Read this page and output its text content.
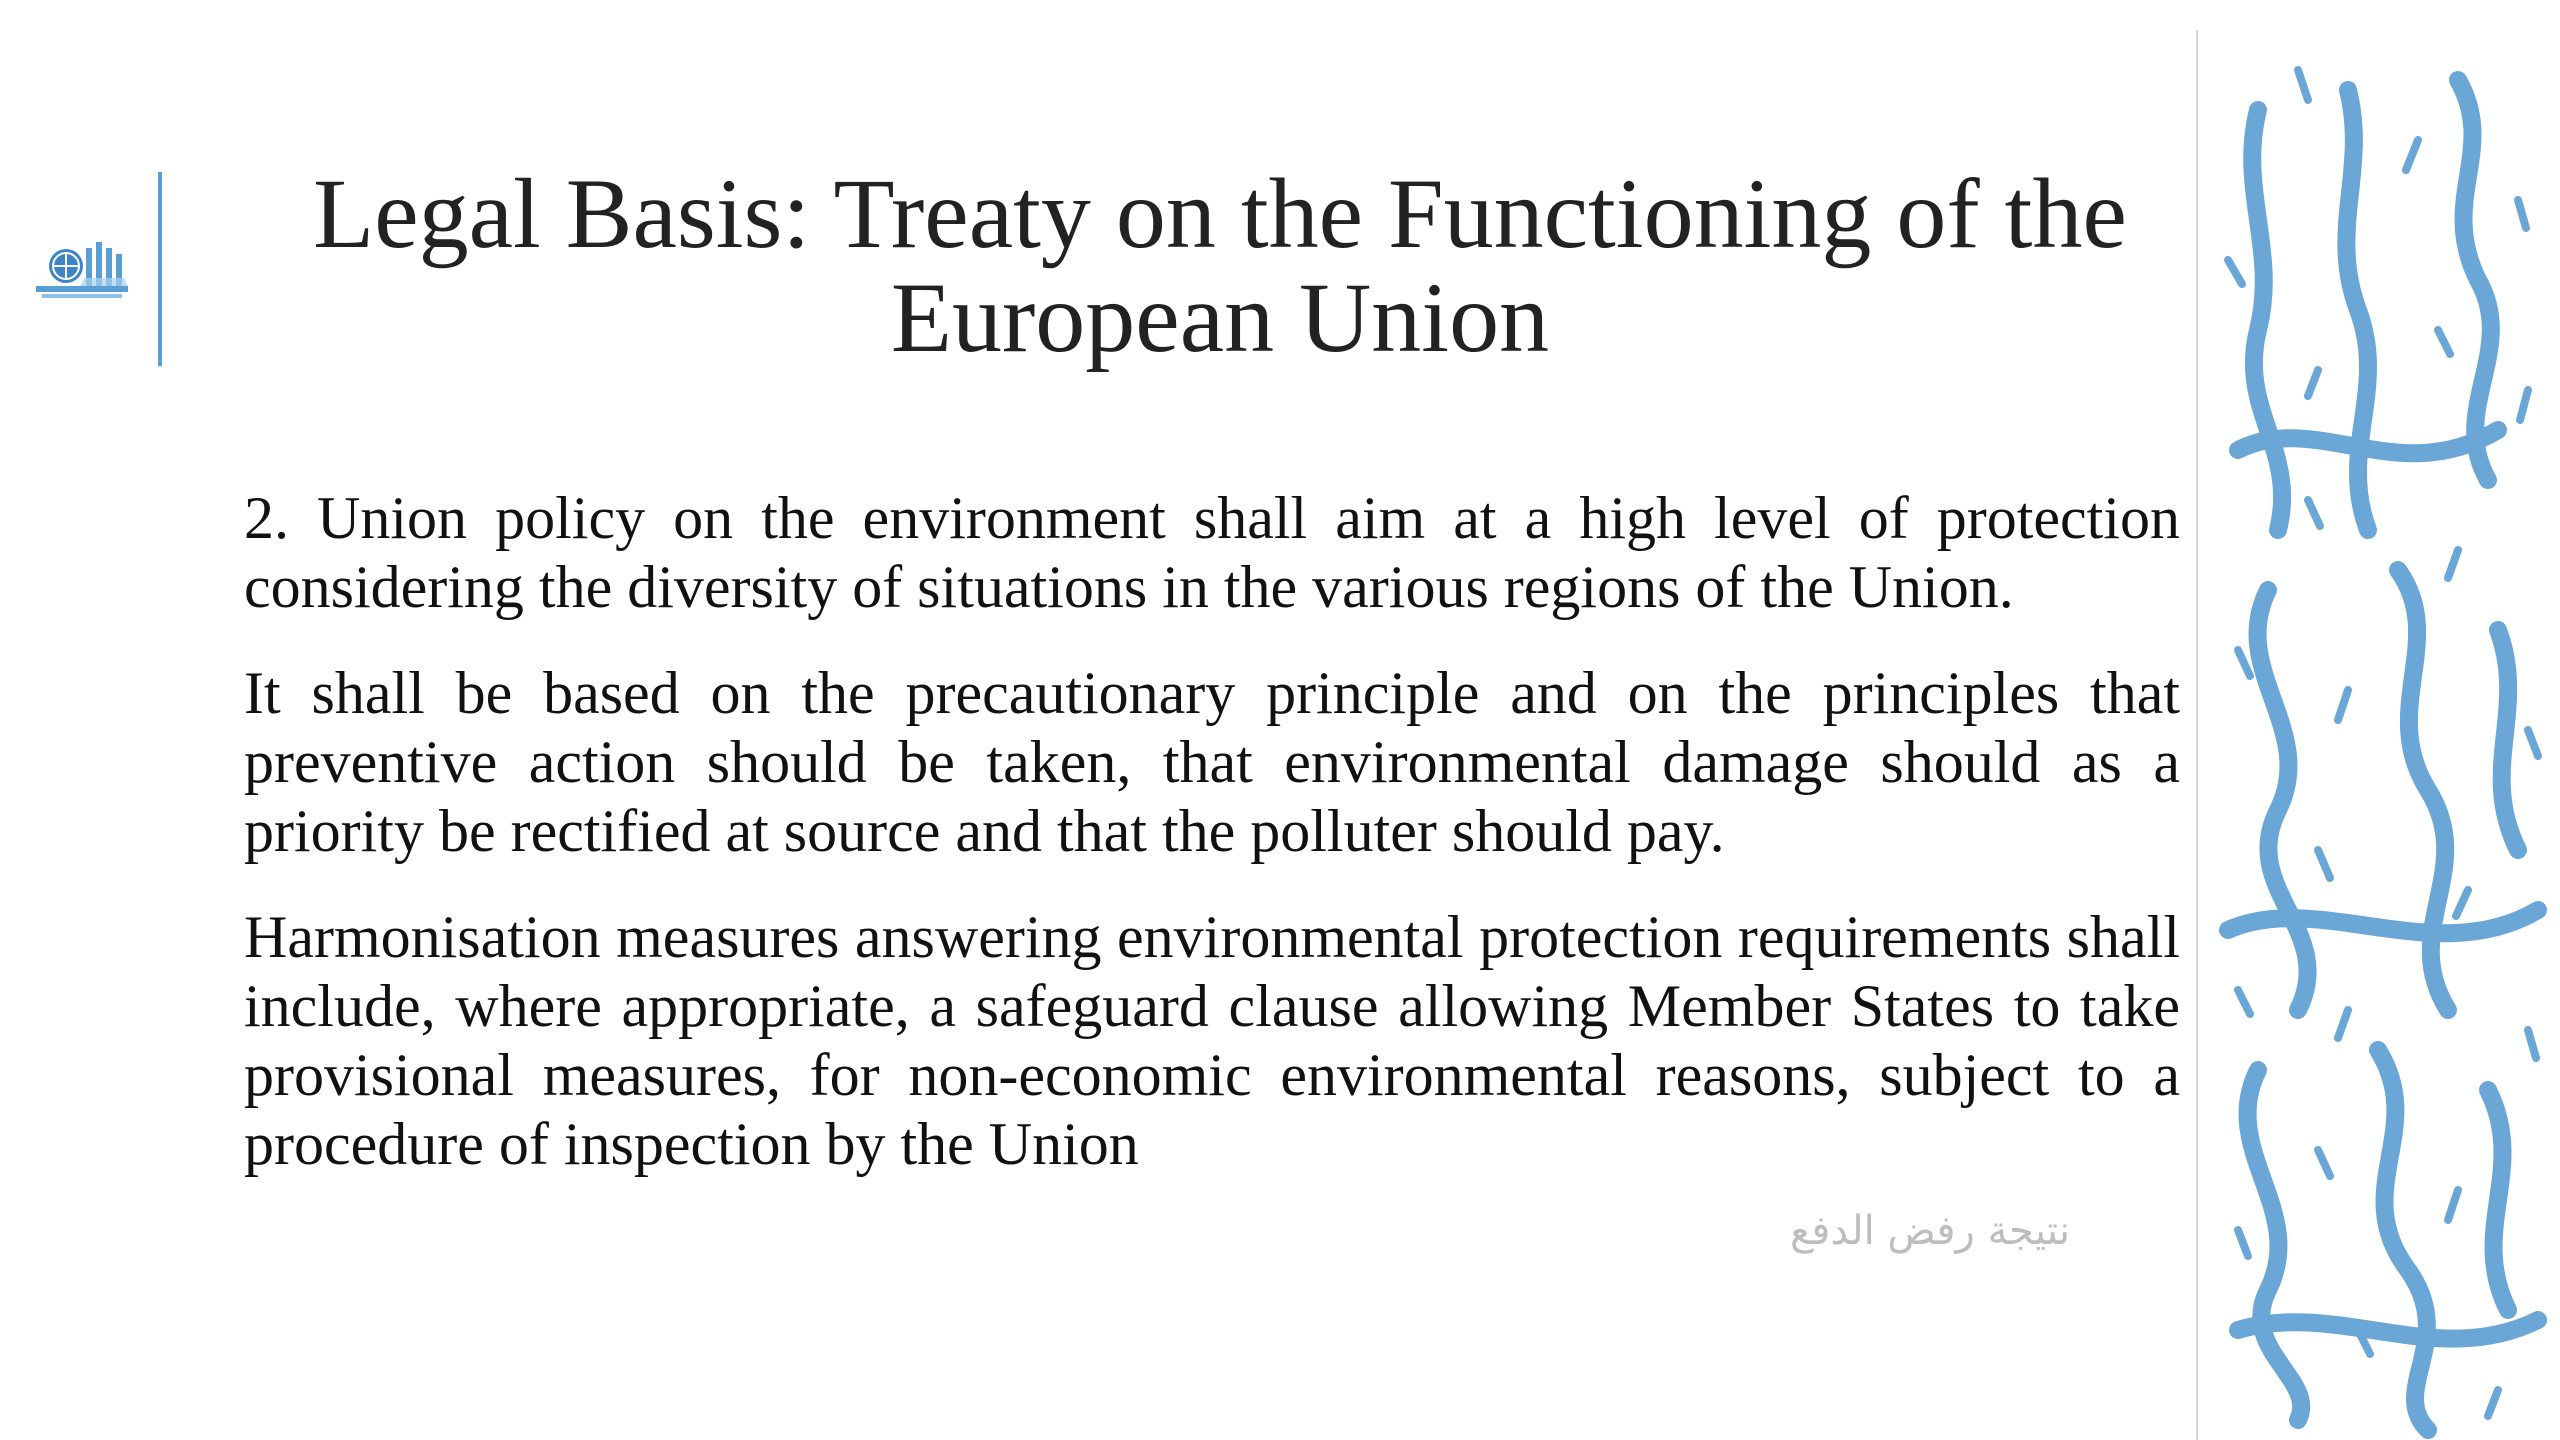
Legal Basis: Treaty on the Functioning of the European Union

2. Union policy on the environment shall aim at a high level of protection considering the diversity of situations in the various regions of the Union.

It shall be based on the precautionary principle and on the principles that preventive action should be taken, that environmental damage should as a priority be rectified at source and that the polluter should pay.

Harmonisation measures answering environmental protection requirements shall include, where appropriate, a safeguard clause allowing Member States to take provisional measures, for non-economic environmental reasons, subject to a procedure of inspection by the Union

نتيجة رفض الدفع
